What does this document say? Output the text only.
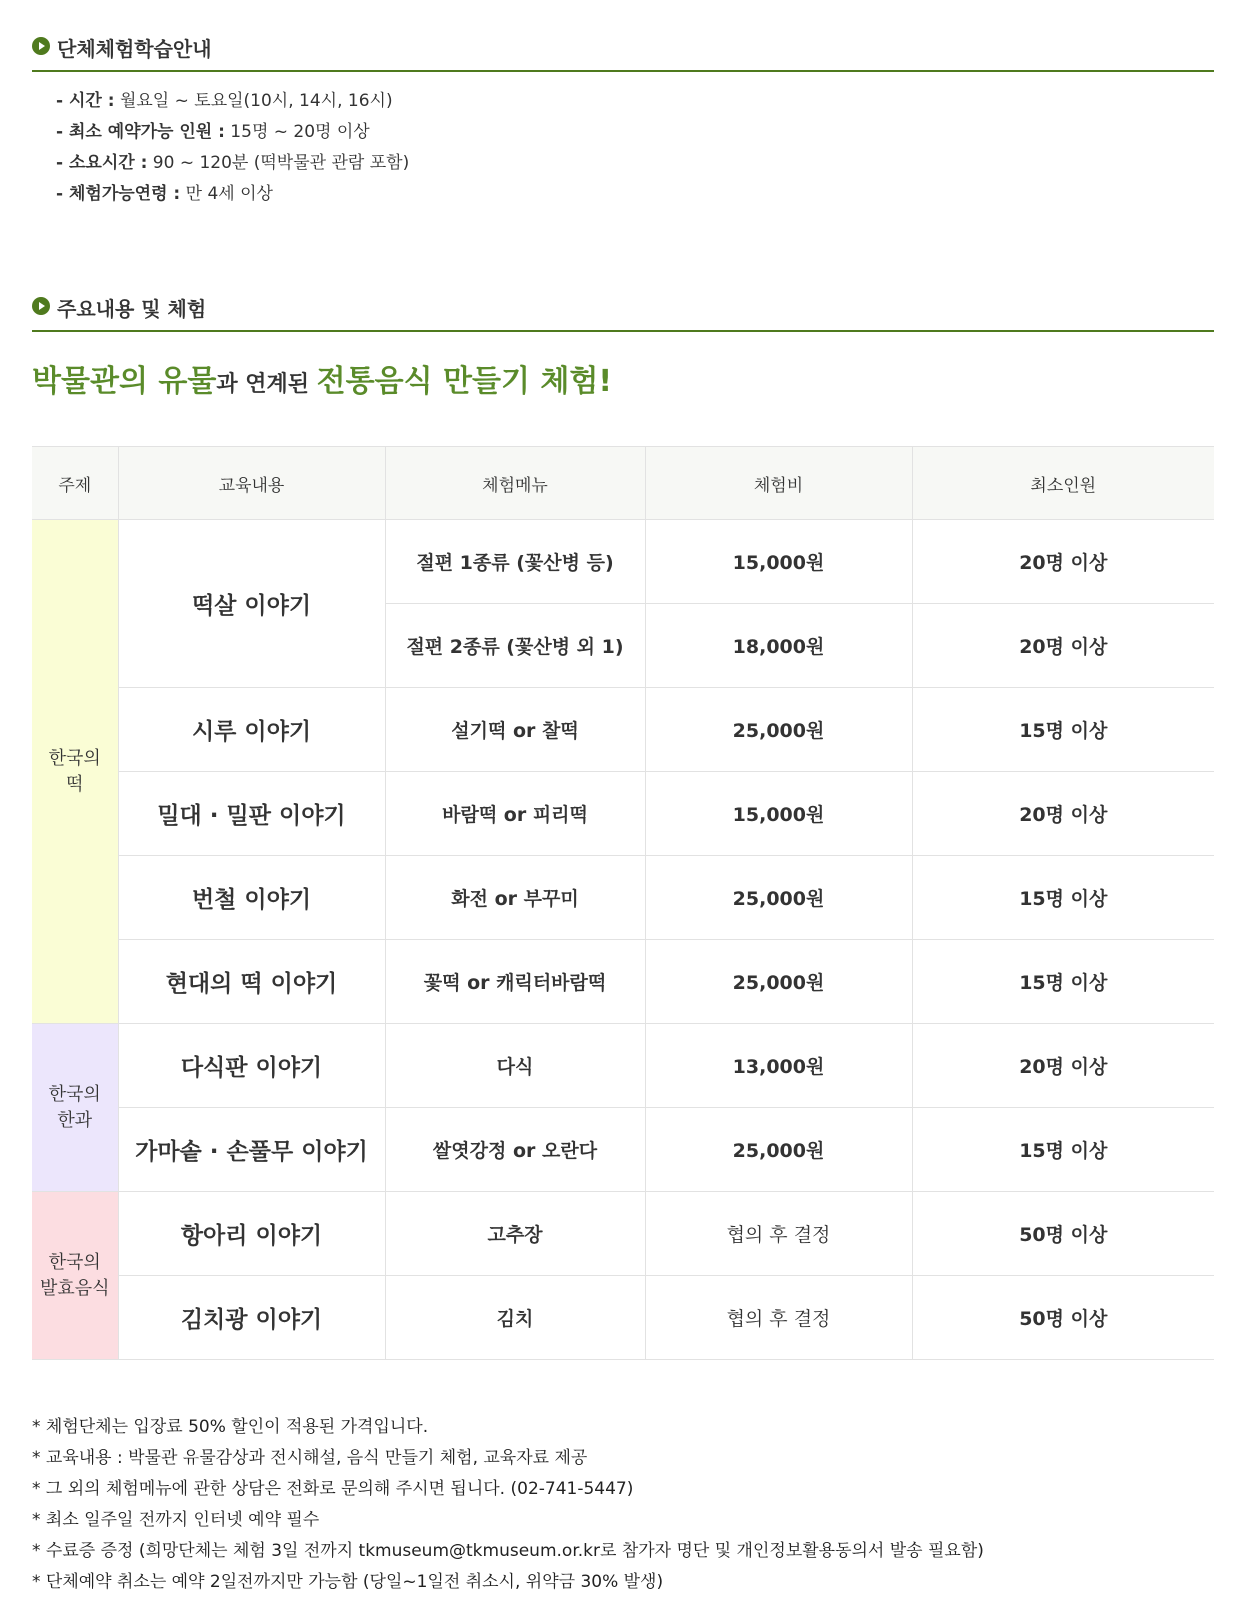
단체체험학습안내
- 시간 : 월요일 ~ 토요일(10시, 14시, 16시)
- 최소 예약가능 인원 : 15명 ~ 20명 이상
- 소요시간 : 90 ~ 120분 (떡박물관 관람 포함)
- 체험가능연령 : 만 4세 이상
주요내용 및 체험
박물관의 유물과 연계된 전통음식 만들기 체험!
주제	교육내용	체험메뉴	체험비	최소인원
한국의
떡	떡살 이야기	절편 1종류 (꽃산병 등)	15,000원	20명 이상
		절편 2종류 (꽃산병 외 1)	18,000원	20명 이상
	시루 이야기	설기떡 or 찰떡	25,000원	15명 이상
	밀대 · 밀판 이야기	바람떡 or 피리떡	15,000원	20명 이상
	번철 이야기	화전 or 부꾸미	25,000원	15명 이상
	현대의 떡 이야기	꽃떡 or 캐릭터바람떡	25,000원	15명 이상
한국의
한과	다식판 이야기	다식	13,000원	20명 이상
	가마솥 · 손풀무 이야기	쌀엿강정 or 오란다	25,000원	15명 이상
한국의
발효음식	항아리 이야기	고추장	협의 후 결정	50명 이상
	김치광 이야기	김치	협의 후 결정	50명 이상
* 체험단체는 입장료 50% 할인이 적용된 가격입니다.
* 교육내용 : 박물관 유물감상과 전시해설, 음식 만들기 체험, 교육자료 제공
* 그 외의 체험메뉴에 관한 상담은 전화로 문의해 주시면 됩니다. (02-741-5447)
* 최소 일주일 전까지 인터넷 예약 필수
* 수료증 증정 (희망단체는 체험 3일 전까지 tkmuseum@tkmuseum.or.kr로 참가자 명단 및 개인정보활용동의서 발송 필요함)
* 단체예약 취소는 예약 2일전까지만 가능함 (당일~1일전 취소시, 위약금 30% 발생)
